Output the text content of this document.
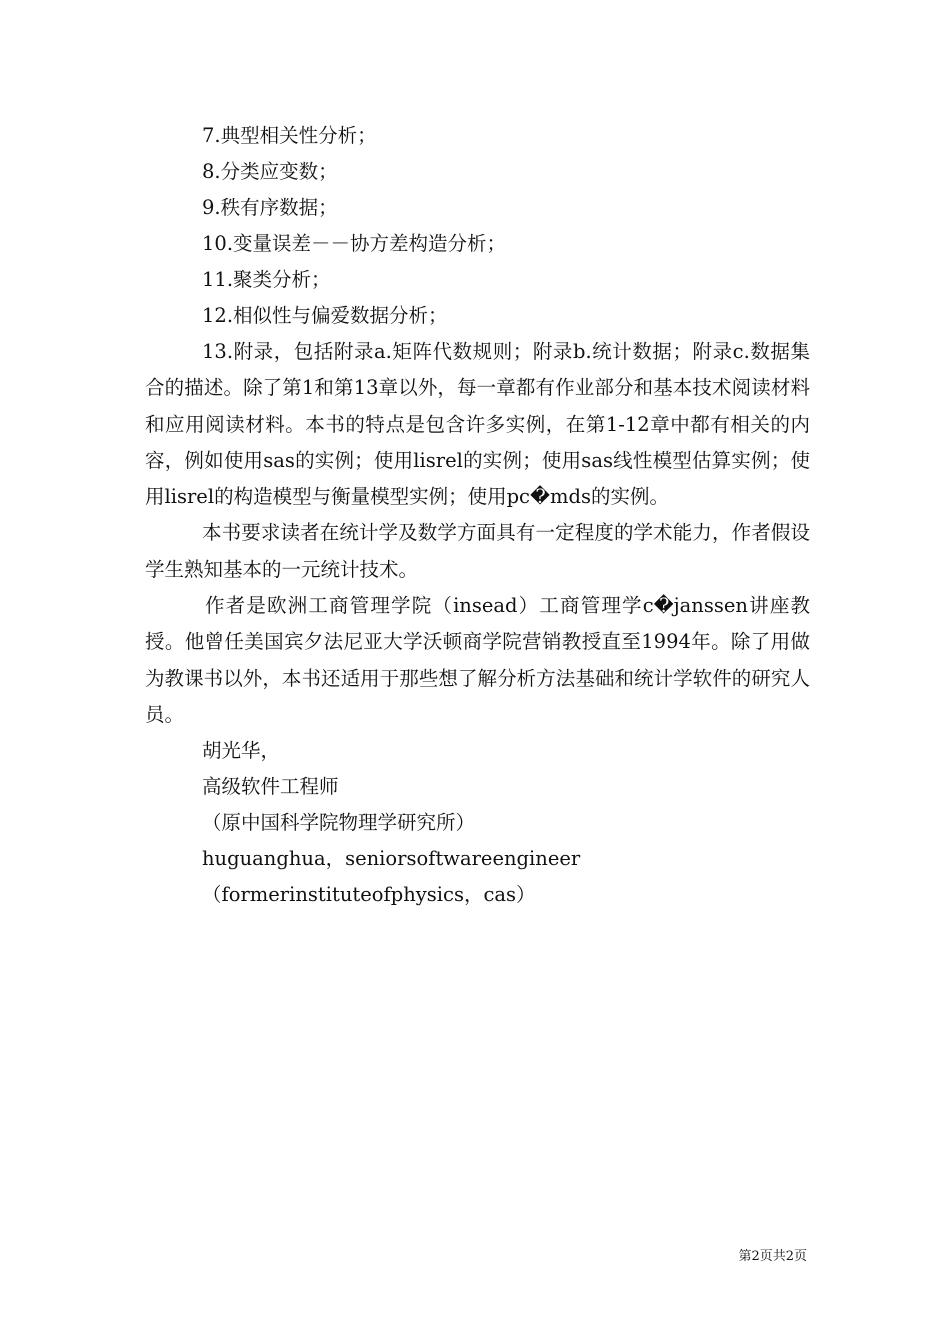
7.典型相关性分析；
8.分类应变数；
9.秩有序数据；
10.变量误差－－协方差构造分析；
11.聚类分析；
12.相似性与偏爱数据分析；

13.附录，包括附录a.矩阵代数规则；附录b.统计数据；附录c.数据集合的描述。除了第1和第13章以外，每一章都有作业部分和基本技术阅读材料和应用阅读材料。本书的特点是包含许多实例，在第1-12章中都有相关的内容，例如使用sas的实例；使用lisrel的实例；使用sas线性模型估算实例；使用lisrel的构造模型与衡量模型实例；使用pc�mds的实例。

本书要求读者在统计学及数学方面具有一定程度的学术能力，作者假设学生熟知基本的一元统计技术。

作者是欧洲工商管理学院（insead）工商管理学c�janssen讲座教授。他曾任美国宾夕法尼亚大学沃顿商学院营销教授直至1994年。除了用做为教课书以外，本书还适用于那些想了解分析方法基础和统计学软件的研究人员。

胡光华，
高级软件工程师
（原中国科学院物理学研究所）
huguanghua，seniorsoftwareengineer
（formerinstituteofphysics，cas）
第2页共2页
